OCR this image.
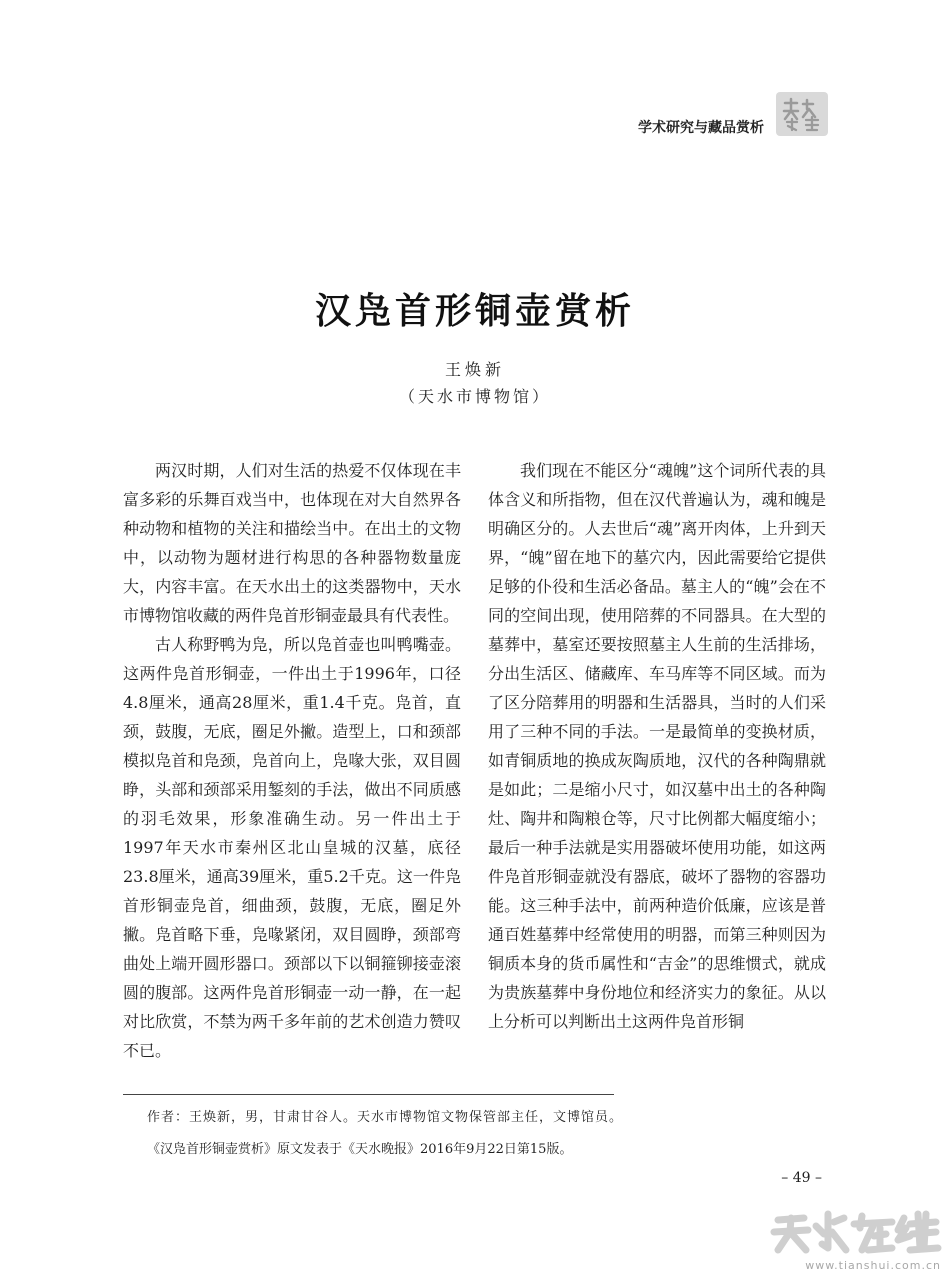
学术研究与藏品赏析
汉凫首形铜壶赏析
王焕新
（天水市博物馆）

两汉时期，人们对生活的热爱不仅体现在丰富多彩的乐舞百戏当中，也体现在对大自然界各种动物和植物的关注和描绘当中。在出土的文物中，以动物为题材进行构思的各种器物数量庞大，内容丰富。在天水出土的这类器物中，天水市博物馆收藏的两件凫首形铜壶最具有代表性。

古人称野鸭为凫，所以凫首壶也叫鸭嘴壶。这两件凫首形铜壶，一件出土于1996年，口径4.8厘米，通高28厘米，重1.4千克。凫首，直颈，鼓腹，无底，圈足外撇。造型上，口和颈部模拟凫首和凫颈，凫首向上，凫喙大张，双目圆睁，头部和颈部采用錾刻的手法，做出不同质感的羽毛效果，形象准确生动。另一件出土于1997年天水市秦州区北山皇城的汉墓，底径23.8厘米，通高39厘米，重5.2千克。这一件凫首形铜壶凫首，细曲颈，鼓腹，无底，圈足外撇。凫首略下垂，凫喙紧闭，双目圆睁，颈部弯曲处上端开圆形器口。颈部以下以铜箍铆接壶滚圆的腹部。这两件凫首形铜壶一动一静，在一起对比欣赏，不禁为两千多年前的艺术创造力赞叹不已。

我们现在不能区分“魂魄”这个词所代表的具体含义和所指物，但在汉代普遍认为，魂和魄是明确区分的。人去世后“魂”离开肉体，上升到天界，“魄”留在地下的墓穴内，因此需要给它提供足够的仆役和生活必备品。墓主人的“魄”会在不同的空间出现，使用陪葬的不同器具。在大型的墓葬中，墓室还要按照墓主人生前的生活排场，分出生活区、储藏库、车马库等不同区域。而为了区分陪葬用的明器和生活器具，当时的人们采用了三种不同的手法。一是最简单的变换材质，如青铜质地的换成灰陶质地，汉代的各种陶鼎就是如此；二是缩小尺寸，如汉墓中出土的各种陶灶、陶井和陶粮仓等，尺寸比例都大幅度缩小；最后一种手法就是实用器破坏使用功能，如这两件凫首形铜壶就没有器底，破坏了器物的容器功能。这三种手法中，前两种造价低廉，应该是普通百姓墓葬中经常使用的明器，而第三种则因为铜质本身的货币属性和“吉金”的思维惯式，就成为贵族墓葬中身份地位和经济实力的象征。从以上分析可以判断出土这两件凫首形铜

作者：王焕新，男，甘肃甘谷人。天水市博物馆文物保管部主任，文博馆员。
《汉凫首形铜壶赏析》原文发表于《天水晚报》2016年9月22日第15版。
– 49 –
www.tianshui.com.cn
